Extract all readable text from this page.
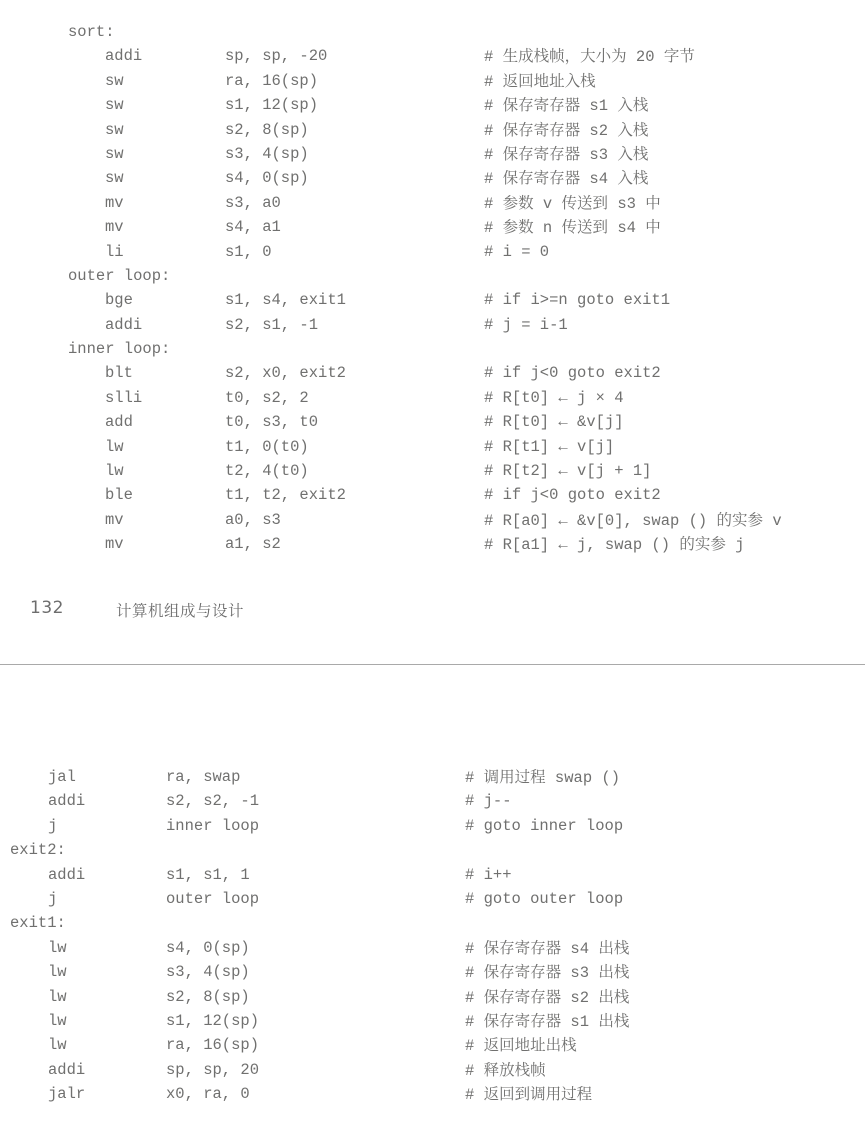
sort:
addi	sp, sp, -20	# 生成栈帧，大小为 20 字节
sw	ra, 16(sp)	# 返回地址入栈
sw	s1, 12(sp)	# 保存寄存器 s1 入栈
sw	s2, 8(sp)	# 保存寄存器 s2 入栈
sw	s3, 4(sp)	# 保存寄存器 s3 入栈
sw	s4, 0(sp)	# 保存寄存器 s4 入栈
mv	s3, a0	# 参数 v 传送到 s3 中
mv	s4, a1	# 参数 n 传送到 s4 中
li	s1, 0	# i = 0
outer loop:
bge	s1, s4, exit1	# if i>=n goto exit1
addi	s2, s1, -1	# j = i-1
inner loop:
blt	s2, x0, exit2	# if j<0 goto exit2
slli	t0, s2, 2	# R[t0] ← j × 4
add	t0, s3, t0	# R[t0] ← &v[j]
lw	t1, 0(t0)	# R[t1] ← v[j]
lw	t2, 4(t0)	# R[t2] ← v[j + 1]
ble	t1, t2, exit2	# if j<0 goto exit2
mv	a0, s3	# R[a0] ← &v[0], swap () 的实参 v
mv	a1, s2	# R[a1] ← j, swap () 的实参 j
132	计算机组成与设计
jal	ra, swap	# 调用过程 swap ()
addi	s2, s2, -1	# j--
j	inner loop	# goto inner loop
exit2:
addi	s1, s1, 1	# i++
j	outer loop	# goto outer loop
exit1:
lw	s4, 0(sp)	# 保存寄存器 s4 出栈
lw	s3, 4(sp)	# 保存寄存器 s3 出栈
lw	s2, 8(sp)	# 保存寄存器 s2 出栈
lw	s1, 12(sp)	# 保存寄存器 s1 出栈
lw	ra, 16(sp)	# 返回地址出栈
addi	sp, sp, 20	# 释放栈帧
jalr	x0, ra, 0	# 返回到调用过程
